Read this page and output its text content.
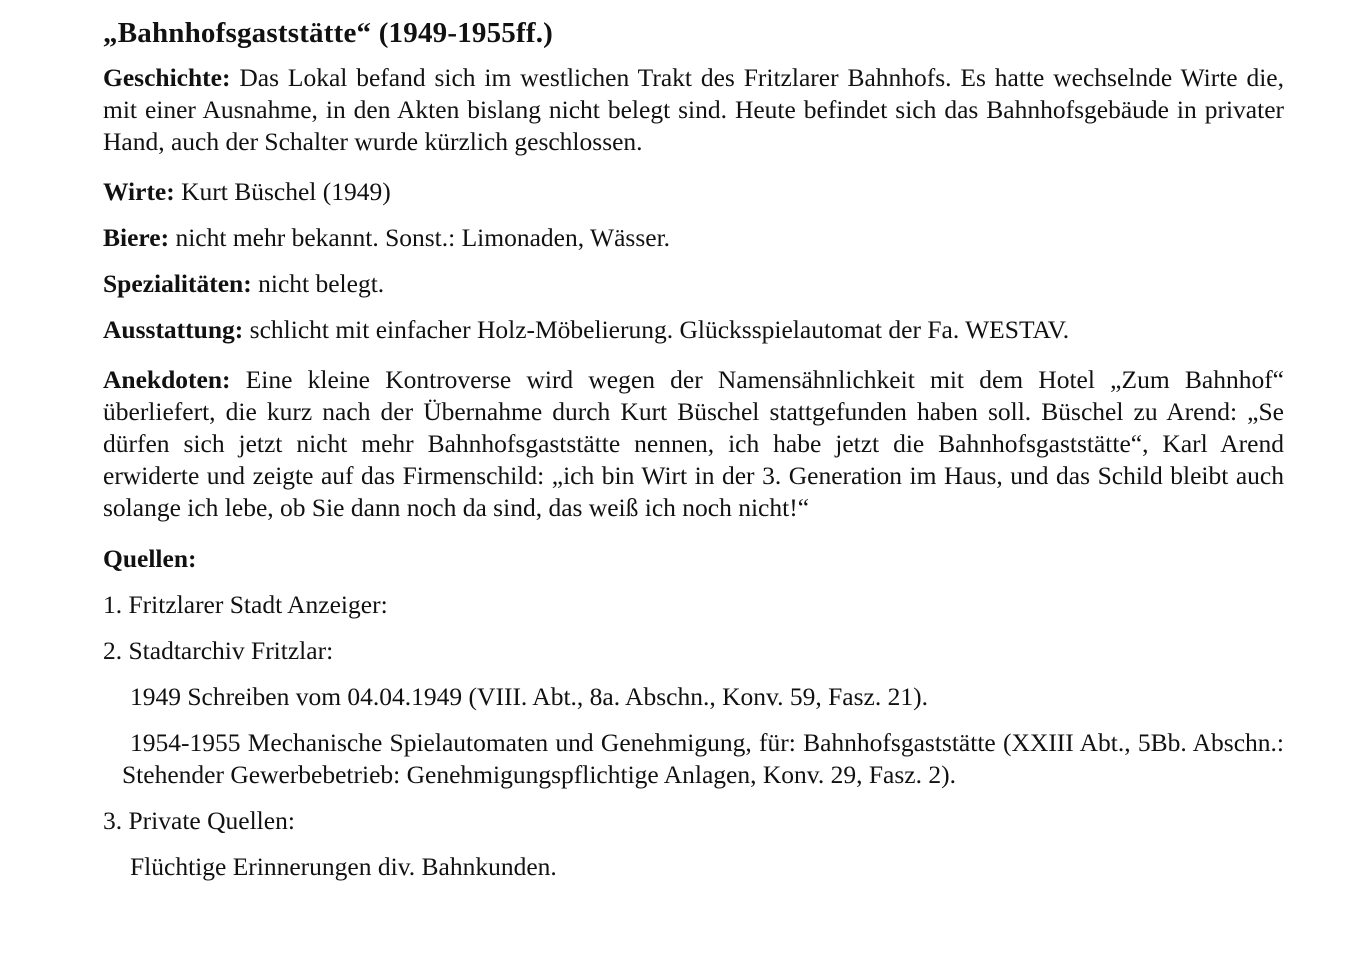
„Bahnhofsgaststätte“ (1949-1955ff.)

Geschichte: Das Lokal befand sich im westlichen Trakt des Fritzlarer Bahnhofs. Es hatte wechselnde Wirte die, mit einer Ausnahme, in den Akten bislang nicht belegt sind. Heute befindet sich das Bahnhofsgebäude in privater Hand, auch der Schalter wurde kürzlich geschlossen.

Wirte: Kurt Büschel (1949)

Biere: nicht mehr bekannt. Sonst.: Limonaden, Wässer.

Spezialitäten: nicht belegt.

Ausstattung: schlicht mit einfacher Holz-Möbelierung. Glücksspielautomat der Fa. WESTAV.

Anekdoten: Eine kleine Kontroverse wird wegen der Namensähnlichkeit mit dem Hotel „Zum Bahnhof“ überliefert, die kurz nach der Übernahme durch Kurt Büschel stattgefunden haben soll. Büschel zu Arend: „Se dürfen sich jetzt nicht mehr Bahnhofsgaststätte nennen, ich habe jetzt die Bahnhofsgaststätte“, Karl Arend erwiderte und zeigte auf das Firmenschild: „ich bin Wirt in der 3. Generation im Haus, und das Schild bleibt auch solange ich lebe, ob Sie dann noch da sind, das weiß ich noch nicht!“

Quellen:

1. Fritzlarer Stadt Anzeiger:

2. Stadtarchiv Fritzlar:

1949 Schreiben vom 04.04.1949 (VIII. Abt., 8a. Abschn., Konv. 59, Fasz. 21).

1954-1955 Mechanische Spielautomaten und Genehmigung, für: Bahnhofsgaststätte (XXIII Abt., 5Bb. Abschn.: Stehender Gewerbebetrieb: Genehmigungspflichtige Anlagen, Konv. 29, Fasz. 2).

3. Private Quellen:

Flüchtige Erinnerungen div. Bahnkunden.
